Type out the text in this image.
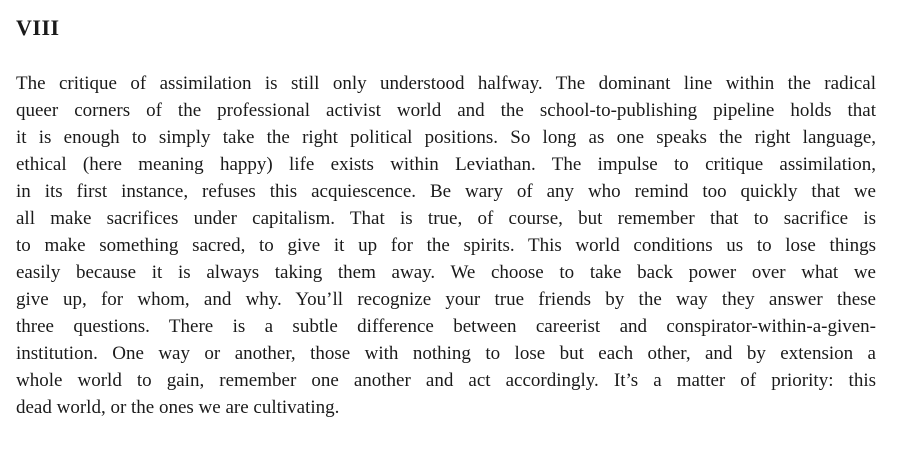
VIII
The critique of assimilation is still only understood halfway. The dominant line within the radical
queer corners of the professional activist world and the school-to-publishing pipeline holds that
it is enough to simply take the right political positions. So long as one speaks the right language,
ethical (here meaning happy) life exists within Leviathan. The impulse to critique assimilation,
in its first instance, refuses this acquiescence. Be wary of any who remind too quickly that we
all make sacrifices under capitalism. That is true, of course, but remember that to sacrifice is
to make something sacred, to give it up for the spirits. This world conditions us to lose things
easily because it is always taking them away. We choose to take back power over what we
give up, for whom, and why. You’ll recognize your true friends by the way they answer these
three questions. There is a subtle difference between careerist and conspirator-within-a-given-
institution. One way or another, those with nothing to lose but each other, and by extension a
whole world to gain, remember one another and act accordingly. It’s a matter of priority: this
dead world, or the ones we are cultivating.
